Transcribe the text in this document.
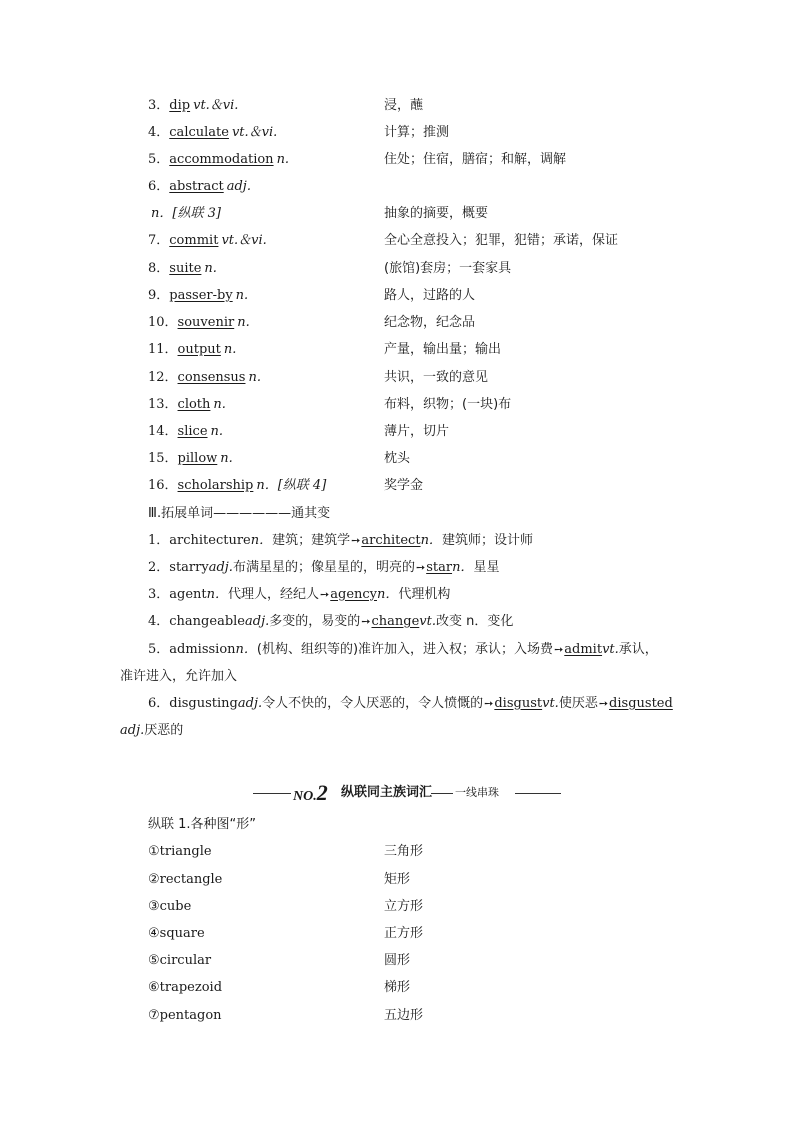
3．dip vt.＆vi.	浸，蘸
4．calculate vt.＆vi.	计算；推测
5．accommodation n.	住处；住宿，膳宿；和解，调解
6．abstract adj.
n．[纵联 3]	抽象的摘要，概要
7．commit vt.＆vi.	全心全意投入；犯罪，犯错；承诺，保证
8．suite n.	(旅馆)套房；一套家具
9．passer-by n.	路人，过路的人
10．souvenir n.	纪念物，纪念品
11．output n.	产量，输出量；输出
12．consensus n.	共识，一致的意见
13．cloth n.	布料，织物；(一块)布
14．slice n.	薄片，切片
15．pillow n.	枕头
16．scholarship n．[纵联 4]	奖学金
Ⅲ.拓展单词——————通其变
1．architecturen．建筑；建筑学➙architectn．建筑师；设计师
2．starryadj.布满星星的；像星星的，明亮的➙starn．星星
3．agentn．代理人，经纪人➙agencyn．代理机构
4．changeableadj.多变的，易变的➙changevt.改变 n．变化
5．admissionn．(机构、组织等的)准许加入，进入权；承认；入场费➙admitvt.承认，
准许进入，允许加入
6．disgustingadj.令人不快的，令人厌恶的，令人愤慨的➙disgustvt.使厌恶➙disgusted
adj.厌恶的
NO.2 纵联同主族词汇 一线串珠
纵联 1.各种图“形”
①triangle	三角形
②rectangle	矩形
③cube	立方形
④square	正方形
⑤circular	圆形
⑥trapezoid	梯形
⑦pentagon	五边形
